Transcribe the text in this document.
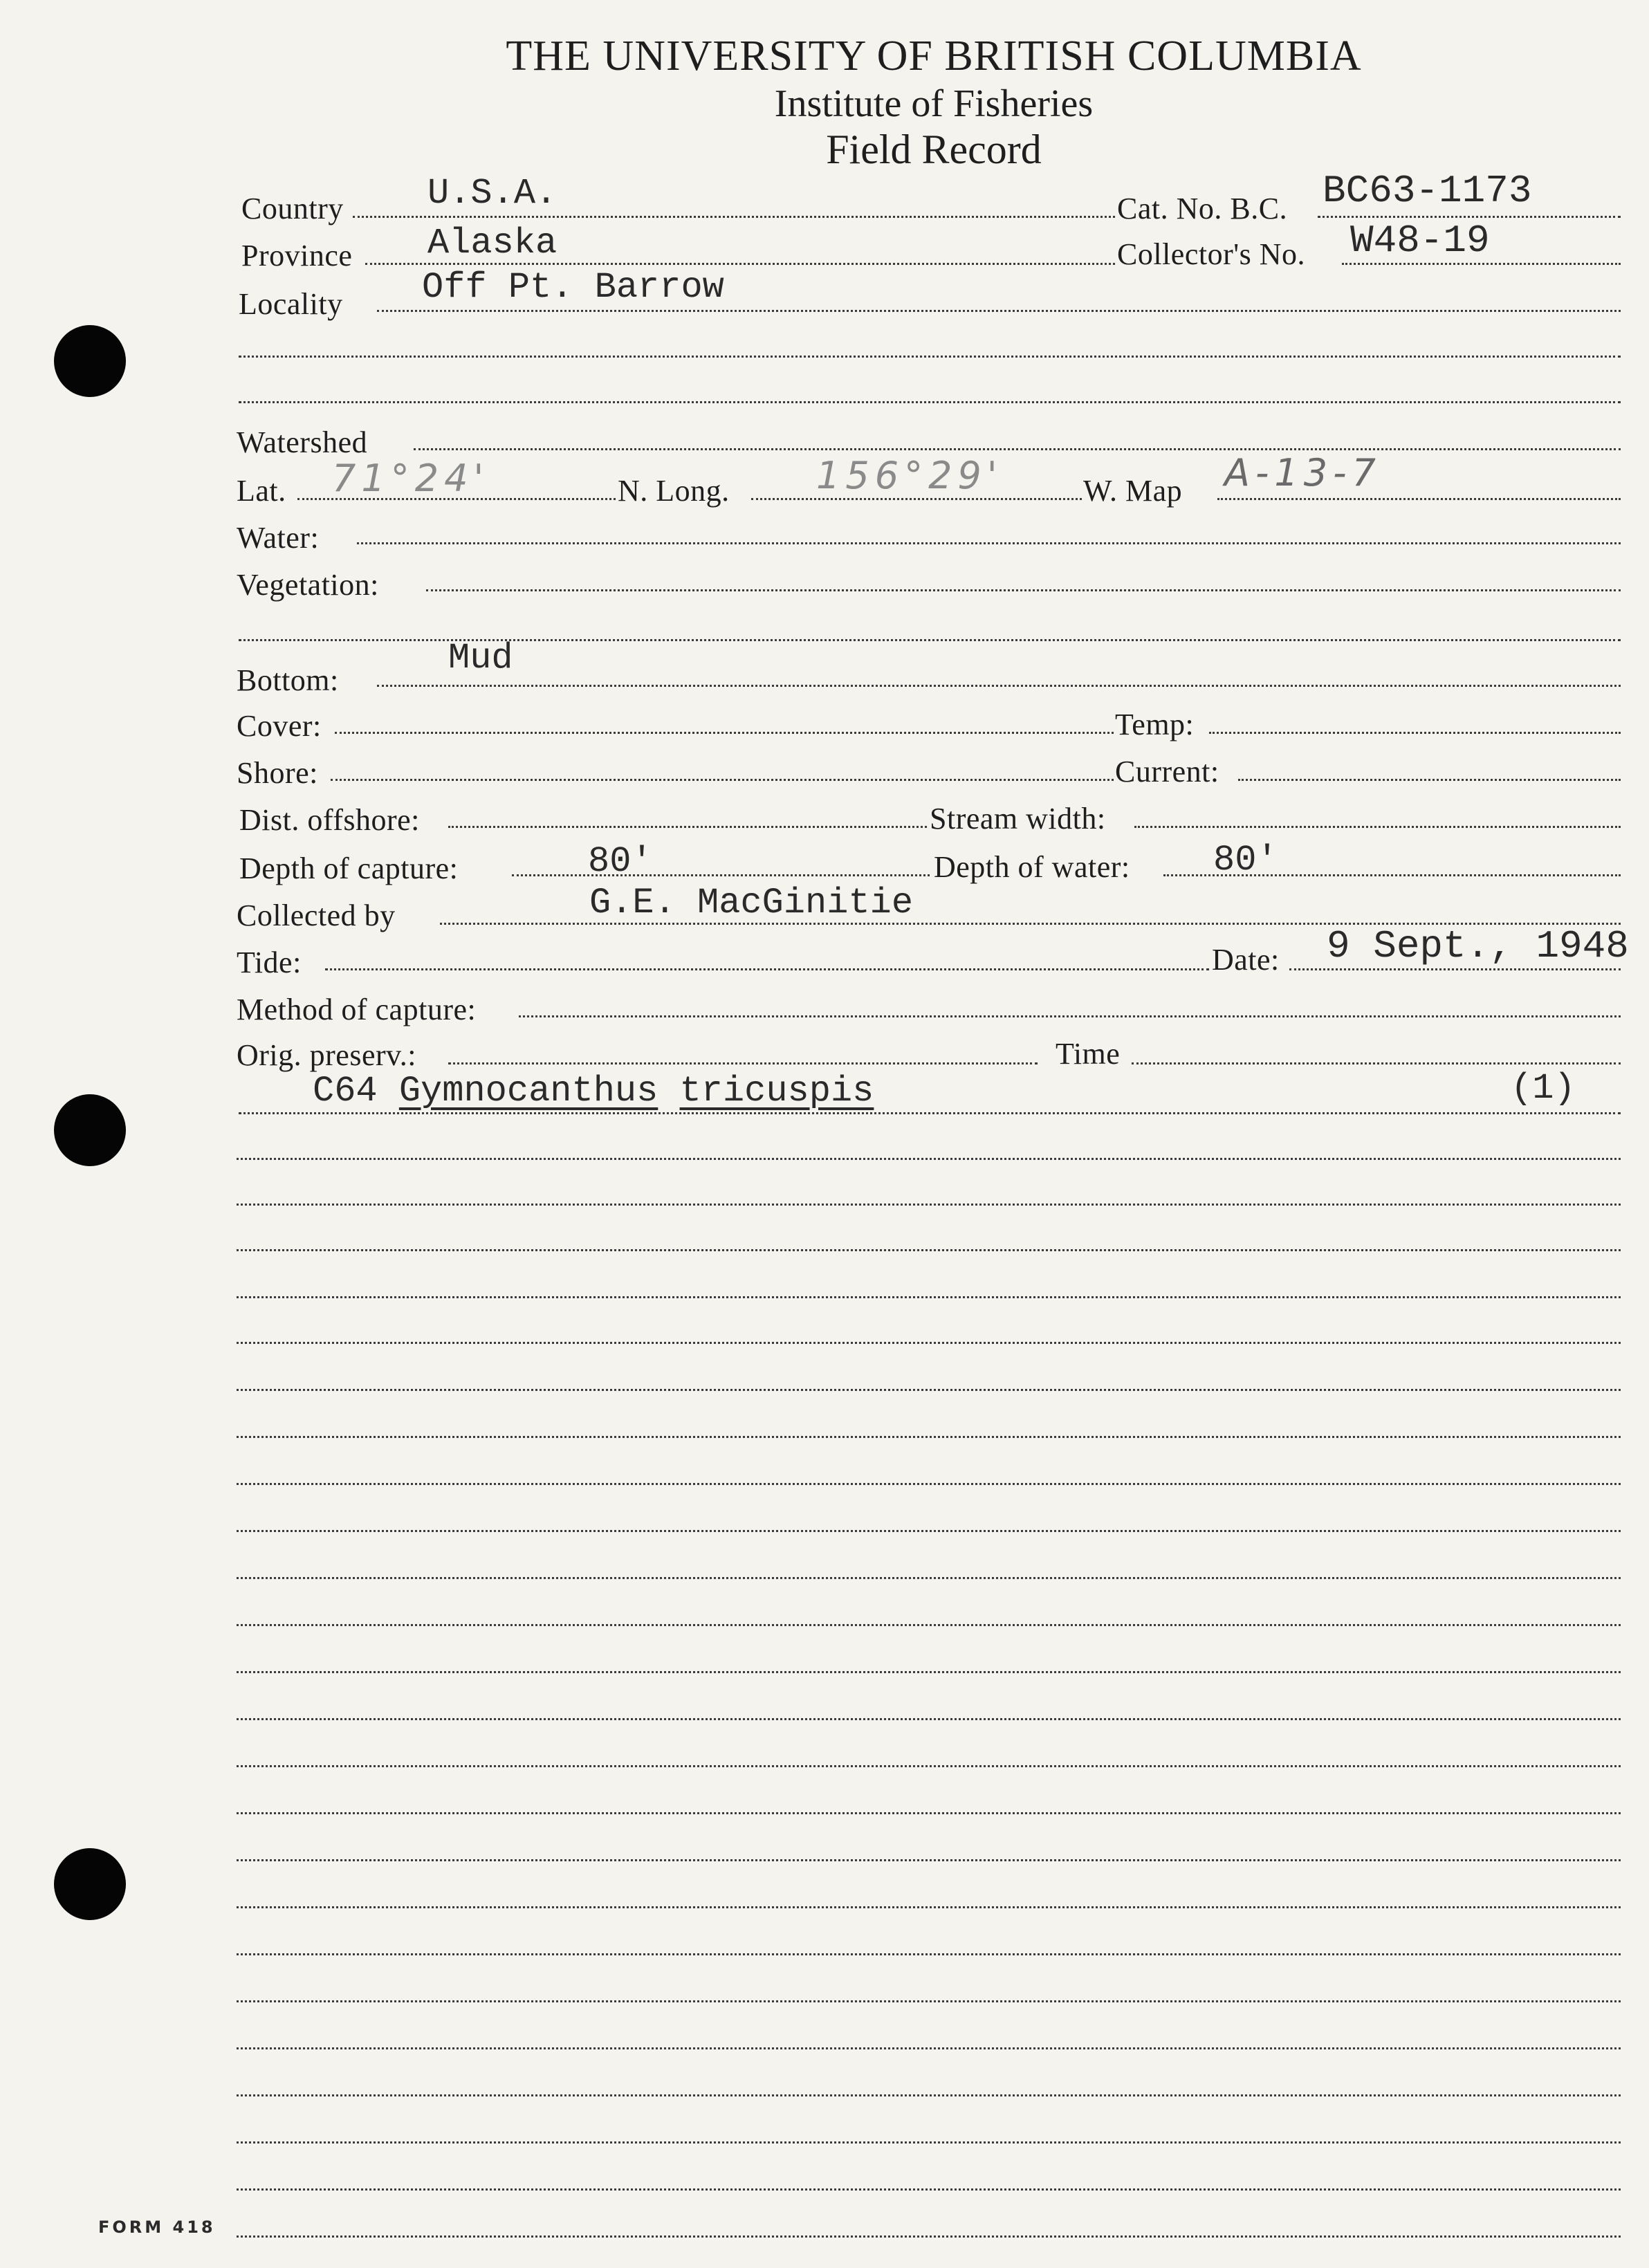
THE UNIVERSITY OF BRITISH COLUMBIA
Institute of Fisheries
Field Record
Country U.S.A.	Cat. No. B.C. BC63-1173
Province Alaska	Collector's No. W48-19
Locality Off Pt. Barrow
Watershed
Lat. 71°24'	N. Long. 156°29'	W. Map A-13-7
Water:
Vegetation:
Bottom:
Mud
Cover:	Temp:
Shore:	Current:
Dist. offshore:	Stream width:
Depth of capture:	80'	Depth of water: 80'
Collected by	G.E. MacGinitie
Tide:	Date: 9 Sept., 1948
Method of capture:
Orig. preserv.:	Time
C64 Gymnocanthus tricuspis	(1)
FORM 418
